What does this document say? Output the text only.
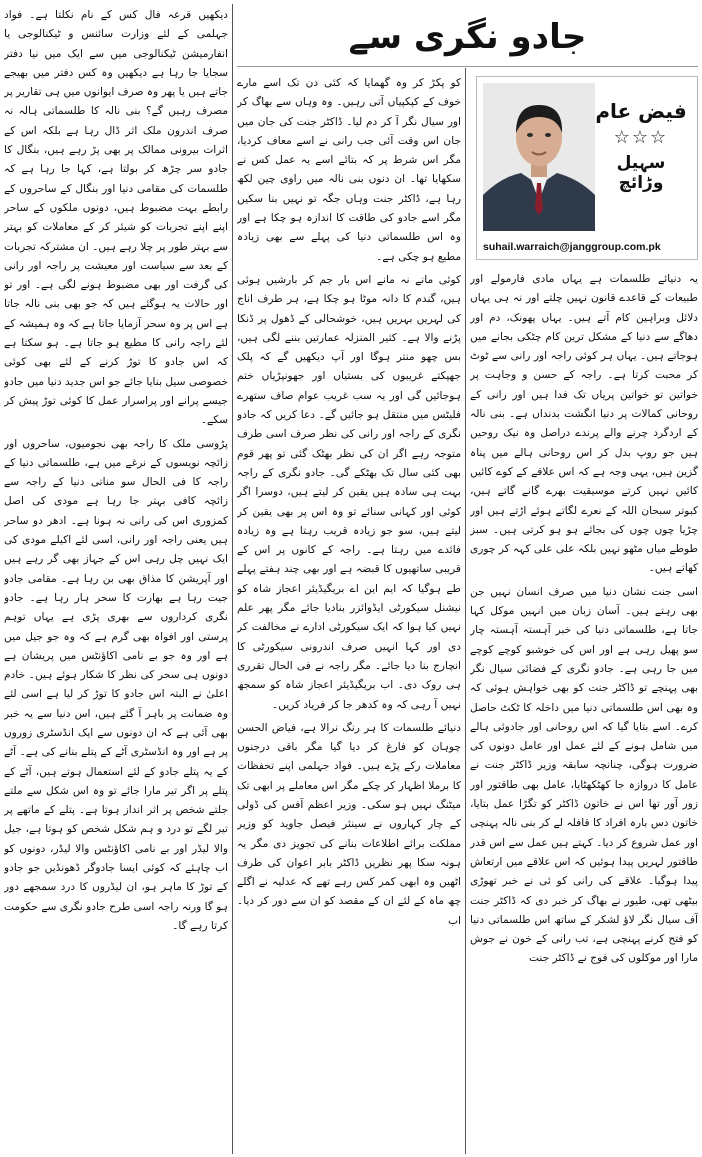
جادو نگری سے
فیض عام
☆☆☆
سہیل وڑائچ
suhail.warraich@janggroup.com.pk

یہ دنیائے طلسمات ہے یہاں مادی فارمولے اور طبیعات کے قاعدے قانون نہیں چلتے اور نہ ہی یہاں دلائل وبراہین کام آتے ہیں۔ یہاں پھونک، دم اور دھاگے سے دنیا کے مشکل ترین کام چٹکی بجانے میں ہوجاتے ہیں۔ یہاں ہر کوئی راجہ اور رانی سے ٹوٹ کر محبت کرتا ہے۔ راجہ کے حسن و وجاہت پر خواتین تو خواتین پریاں تک فدا ہیں اور رانی کے روحانی کمالات پر دنیا انگشت بدنداں ہے۔ بنی نالہ کے اردگرد چرنے والے پرندے دراصل وہ نیک روحیں ہیں جو روپ بدل کر اس روحانی ہالے میں پناہ گزین ہیں، یہی وجہ ہے کہ اس علاقے کے کوے کائیں کائیں نہیں کرتے موسیقیت بھرے گانے گاتے ہیں، کبوتر سبحان اللہ کے نعرے لگاتے ہوئے اڑتے ہیں اور چڑیا چوں چوں کی بجائے ہو ہو کرتی ہیں۔ سبز طوطے میاں مٹھو نہیں بلکہ علی علی کہہ کر چوری کھاتے ہیں۔

اسی جنت نشان دنیا میں صرف انسان نہیں جن بھی رہتے ہیں۔ آسان زبان میں انہیں موکل کہا جاتا ہے، طلسماتی دنیا کی خبر آہستہ آہستہ چار سو پھیل رہی ہے اور اس کی خوشبو کوچے کوچے میں جا رہی ہے۔ جادو نگری کے فضائی سیال نگر بھی پہنچے تو ڈاکٹر جنت کو بھی خواہش ہوئی کہ وہ بھی اس طلسماتی دنیا میں داخلہ کا ٹکٹ حاصل کرے۔ اسے بتایا گیا کہ اس روحانی اور جادوئی ہالے میں شامل ہونے کے لئے عمل اور عامل دونوں کی ضرورت ہوگی، چنانچہ سابقہ وزیر ڈاکٹر جنت نے عامل کا دروازہ جا کھٹکھٹایا، عامل بھی طاقتور اور زور آور تھا اس نے خاتون ڈاکٹر کو تگڑا عمل بتایا، خاتون دس بارہ افراد کا قافلہ لے کر بنی نالہ پہنچی اور عمل شروع کر دیا۔ کہتے ہیں عمل سے اس قدر طاقتور لہریں پیدا ہوئیں کہ اس علاقے میں ارتعاش پیدا ہوگیا۔ علاقے کی رانی کو ئی نے خبر تھوڑی بیٹھی تھی، طیور نے بھاگ کر خبر دی کہ ڈاکٹر جنت آف سیال نگر لاؤ لشکر کے ساتھ اس طلسماتی دنیا کو فتح کرنے پہنچی ہے، تب رانی کے خون نے جوش مارا اور موکلوں کی فوج نے ڈاکٹر جنت

کو پکڑ کر وہ گھمایا کہ کئی دن تک اسے مارے خوف کے کپکپیاں آتی رہیں۔ وہ وہاں سے بھاگ کر اور سیال نگر آ کر دم لیا۔ ڈاکٹر جنت کی جان میں جان اس وقت آئی جب رانی نے اسے معاف کردیا، مگر اس شرط پر کہ بتائے اسے یہ عمل کس نے سکھایا تھا۔ ان دنوں بنی نالہ میں راوی چین لکھ رہا ہے، ڈاکٹر جنت وہاں جگہ تو نہیں بنا سکیں مگر اسے جادو کی طاقت کا اندازہ ہو چکا ہے اور وہ اس طلسماتی دنیا کی پہلے سے بھی زیادہ مطیع ہو چکی ہے۔

کوئی مانے نہ مانے اس بار جم کر بارشیں ہوئی ہیں، گندم کا دانہ موٹا ہو چکا ہے، ہر طرف اناج کی لہریں بہریں ہیں، خوشحالی کے ڈھول پر ڈنکا پڑنے والا ہے۔ کثیر المنزلہ عمارتیں بننے لگی ہیں، بس چھو منتر ہوگا اور آپ دیکھیں گے کہ پلک جھپکتے غریبوں کی بستیاں اور جھونپڑیاں ختم ہوجائیں گی اور یہ سب غریب عوام صاف ستھرے فلیٹس میں منتقل ہو جائیں گے۔ دعا کریں کہ جادو نگری کے راجہ اور رانی کی نظر صرف اسی طرف متوجہ رہے اگر ان کی نظر بھٹک گئی تو پھر قوم بھی کئی سال تک بھٹکے گی۔ جادو نگری کے راجہ بہت ہی سادہ ہیں یقین کر لیتے ہیں، دوسرا اگر کوئی اور کہانی سنائے تو وہ اس پر بھی یقین کر لیتے ہیں، سو جو زیادہ قریب رہتا ہے وہ زیادہ فائدے میں رہتا ہے۔ راجہ کے کانوں پر اس کے قریبی ساتھیوں کا قبضہ ہے اور بھی چند ہفتے پہلے طے ہوگیا کہ ایم این اے بریگیڈیئر اعجاز شاہ کو نیشنل سیکورٹی ایڈوائزر بنادیا جائے مگر پھر علم نہیں کیا ہوا کہ ایک سیکورٹی ادارے نے مخالفت کر دی اور کہا انہیں صرف اندرونی سیکورٹی کا انچارج بنا دیا جائے۔ مگر راجہ نے فی الحال تقرری ہی روک دی۔ اب بریگیڈیئر اعجاز شاہ کو سمجھ نہیں آ رہی کہ وہ کدھر جا کر فریاد کریں۔

دنیائے طلسمات کا ہر رنگ نرالا ہے، فیاض الحسن چوہان کو فارغ کر دیا گیا مگر باقی درجنوں معاملات رکے پڑے ہیں۔ فواد جہلمی اپنے تحفظات کا برملا اظہار کر چکے مگر اس معاملے پر ابھی تک میٹنگ نہیں ہو سکی۔ وزیر اعظم آفس کی ڈولی کے چار کہاروں نے سینئر فیصل جاوید کو وزیر مملکت برائے اطلاعات بنانے کی تجویز دی مگر یہ ہونہ سکا پھر نظریں ڈاکٹر بابر اعوان کی طرف اٹھیں وہ ابھی کمر کس رہے تھے کہ عدلیہ نے اگلے چھ ماہ کے لئے ان کے مقصد کو ان سے دور کر دیا۔ اب

دیکھیں قرعہ فال کس کے نام نکلتا ہے۔ فواد جہلمی کے لئے وزارت سائنس و ٹیکنالوجی یا انفارمیشن ٹیکنالوجی میں سے ایک میں نیا دفتر سجایا جا رہا ہے دیکھیں وہ کس دفتر میں بھیجے جاتے ہیں یا پھر وہ صرف ایوانوں میں ہی تقاریر پر مصرف رہیں گے؟ بنی نالہ کا طلسماتی ہالہ نہ صرف اندرون ملک اثر ڈال رہا ہے بلکہ اس کے اثرات بیرونی ممالک پر بھی پڑ رہے ہیں، بنگال کا جادو سر چڑھ کر بولتا ہے، کہا جا رہا ہے کہ طلسمات کی مقامی دنیا اور بنگال کے ساحروں کے رابطے بہت مضبوط ہیں، دونوں ملکوں کے ساحر اپنے اپنے تجربات کو شیئر کر کے معاملات کو بہتر سے بہتر طور پر چلا رہے ہیں۔ ان مشترکہ تجربات کے بعد سے سیاست اور معیشت پر راجہ اور رانی کی گرفت اور بھی مضبوط ہونے لگی ہے۔ اور تو اور حالات یہ ہوگئے ہیں کہ جو بھی بنی نالہ جاتا ہے اس پر وہ سحر آزمایا جاتا ہے کہ وہ ہمیشہ کے لئے راجہ رانی کا مطیع ہو جاتا ہے۔ ہو سکتا ہے کہ اس جادو کا توڑ کرنے کے لئے بھی کوئی خصوصی سیل بنایا جائے جو اس جدید دنیا میں جادو جیسے پرانے اور پراسرار عمل کا کوئی توڑ پیش کر سکے۔

پڑوسی ملک کا راجہ بھی نجومیوں، ساحروں اور زائچہ نویسوں کے نرغے میں ہے، طلسماتی دنیا کے راجہ کا فی الحال سو مناتی دنیا کے راجہ سے زائچہ کافی بہتر جا رہا ہے مودی کی اصل کمزوری اس کی رانی نہ ہونا ہے۔ ادھر دو ساحر ہیں یعنی راجہ اور رانی، اسی لئے اکیلے مودی کی ایک نہیں چل رہی اس کے جہاز بھی گر رہے ہیں اور آپریشن کا مذاق بھی بن رہا ہے۔ مقامی جادو جیت رہا ہے بھارت کا سحر ہار رہا ہے۔ جادو نگری کرداروں سے بھری پڑی ہے یہاں توہم پرستی اور افواہ بھی گرم ہے کہ وہ جو جیل میں ہے اور وہ جو بے نامی اکاؤنٹس میں پریشان ہے دونوں ہی سحر کی نظر کا شکار ہوئے ہیں۔ خادم اعلیٰ نے البتہ اس جادو کا توڑ کر لیا ہے اسی لئے وہ ضمانت پر باہر آ گئے ہیں، اس دنیا سے یہ خبر بھی آئی ہے کہ ان دونوں سے ایک انڈسٹری زوروں پر ہے اور وہ انڈسٹری آٹے کے پتلے بنانے کی ہے۔ آٹے کے یہ پتلے جادو کے لئے استعمال ہوتے ہیں، آٹے کے پتلے پر اگر تیر مارا جائے تو وہ اس شکل سے ملتے جلتے شخص پر اثر انداز ہوتا ہے۔ پتلے کے ماتھے پر تیر لگے تو درد و ہم شکل شخص کو ہوتا ہے، جیل والا لیڈر اور بے نامی اکاؤنٹس والا لیڈر، دونوں کو اب چاہئے کہ کوئی ایسا جادوگر ڈھونڈیں جو جادو کے توڑ کا ماہر ہو، ان لیڈروں کا درد سمجھے دور ہو گا ورنہ راجہ اسی طرح جادو نگری سے حکومت کرتا رہے گا۔
